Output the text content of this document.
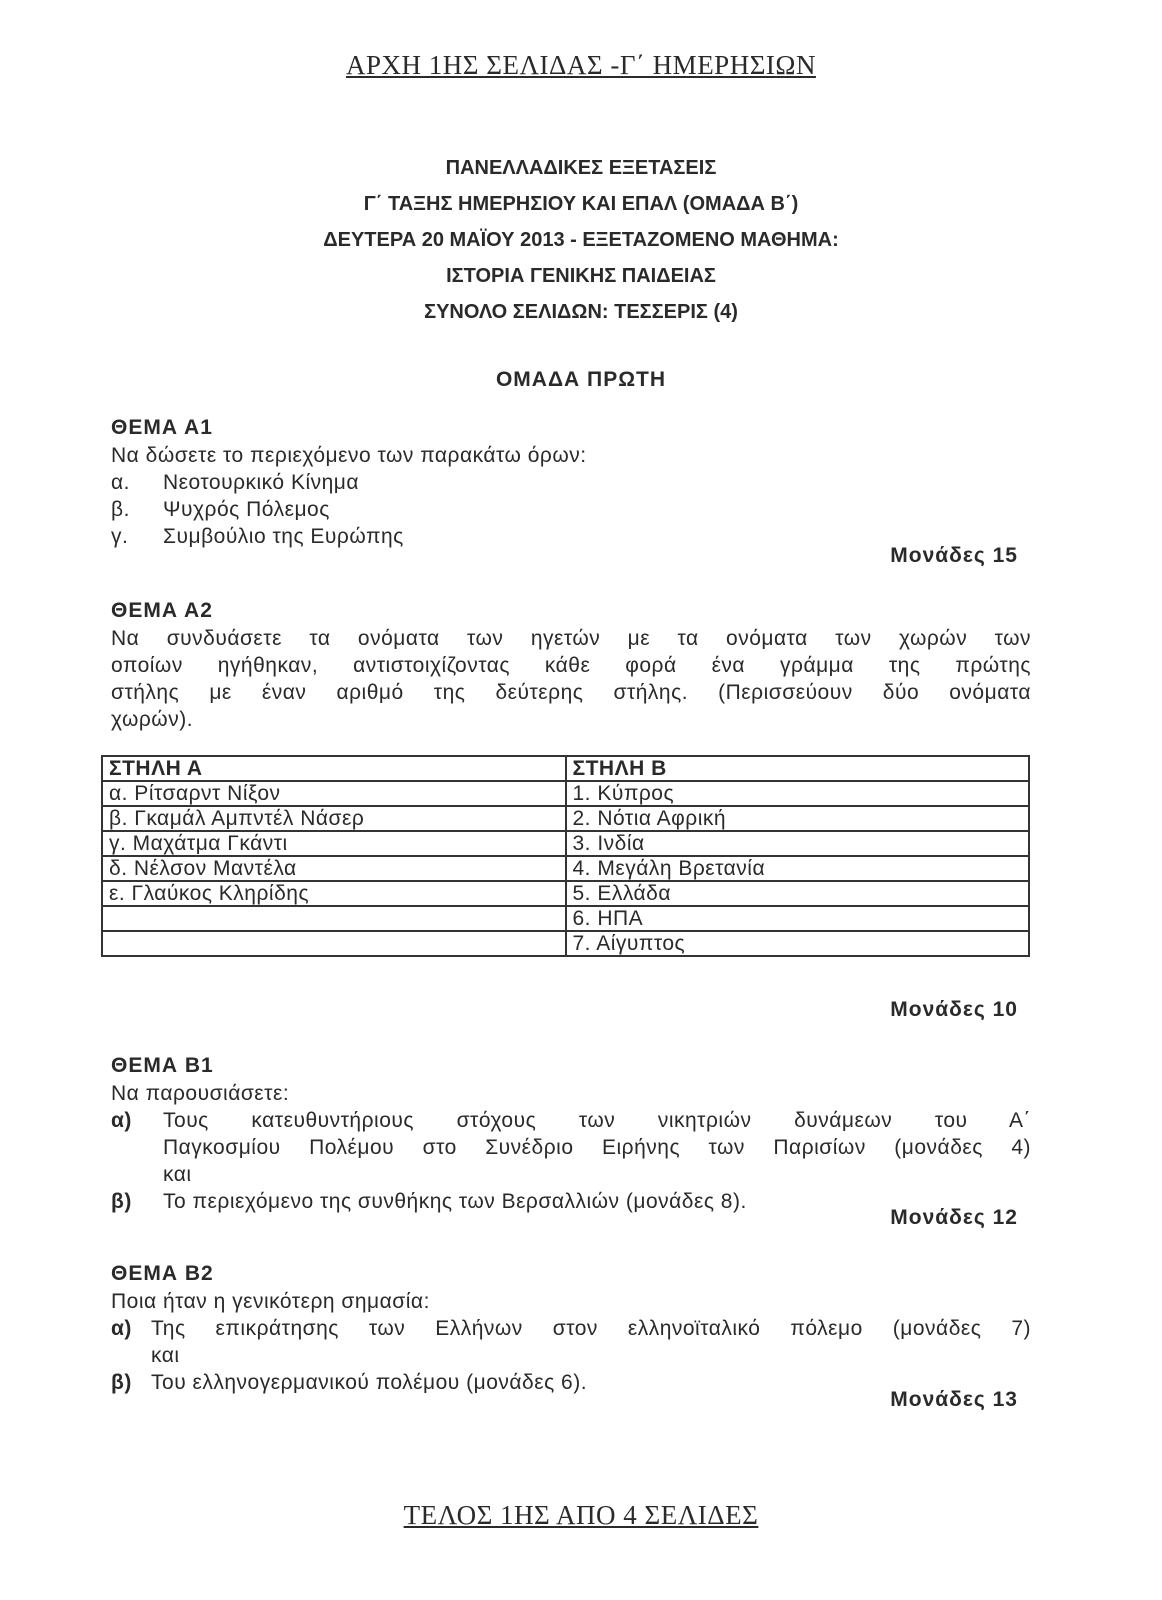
ΑΡΧΗ 1ΗΣ ΣΕΛΙΔΑΣ -Γ΄ ΗΜΕΡΗΣΙΩΝ
ΠΑΝΕΛΛΑΔΙΚΕΣ ΕΞΕΤΑΣΕΙΣ
Γ΄ ΤΑΞΗΣ ΗΜΕΡΗΣΙΟΥ ΚΑΙ ΕΠΑΛ (ΟΜΑΔΑ Β΄)
ΔΕΥΤΕΡΑ 20 ΜΑΪΟΥ 2013 - ΕΞΕΤΑΖΟΜΕΝΟ ΜΑΘΗΜΑ:
ΙΣΤΟΡΙΑ ΓΕΝΙΚΗΣ ΠΑΙΔΕΙΑΣ
ΣΥΝΟΛΟ ΣΕΛΙΔΩΝ: ΤΕΣΣΕΡΙΣ (4)
ΟΜΑΔΑ ΠΡΩΤΗ
ΘΕΜΑ Α1
Να δώσετε το περιεχόμενο των παρακάτω όρων:
α.	Νεοτουρκικό Κίνημα
β.	Ψυχρός Πόλεμος
γ.	Συμβούλιο της Ευρώπης
Μονάδες 15
ΘΕΜΑ Α2
Να συνδυάσετε τα ονόματα των ηγετών με τα ονόματα των χωρών των
οποίων ηγήθηκαν, αντιστοιχίζοντας κάθε φορά ένα γράμμα της πρώτης
στήλης με έναν αριθμό της δεύτερης στήλης. (Περισσεύουν δύο ονόματα
χωρών).
ΣΤΗΛΗ Α	ΣΤΗΛΗ Β
α. Ρίτσαρντ Νίξον	1. Κύπρος
β. Γκαμάλ Αμπντέλ Νάσερ	2. Νότια Αφρική
γ. Μαχάτμα Γκάντι	3. Ινδία
δ. Νέλσον Μαντέλα	4. Μεγάλη Βρετανία
ε. Γλαύκος Κληρίδης	5. Ελλάδα
	6. ΗΠΑ
	7. Αίγυπτος
Μονάδες 10
ΘΕΜΑ Β1
Να παρουσιάσετε:
α)	Τους κατευθυντήριους στόχους των νικητριών δυνάμεων του Α΄
Παγκοσμίου Πολέμου στο Συνέδριο Ειρήνης των Παρισίων (μονάδες 4)
και
β)	Το περιεχόμενο της συνθήκης των Βερσαλλιών (μονάδες 8).
Μονάδες 12
ΘΕΜΑ Β2
Ποια ήταν η γενικότερη σημασία:
α) Της επικράτησης των Ελλήνων στον ελληνοϊταλικό πόλεμο (μονάδες 7)
και
β) Του ελληνογερμανικού πολέμου (μονάδες 6).
Μονάδες 13
ΤΕΛΟΣ 1ΗΣ ΑΠΟ 4 ΣΕΛΙΔΕΣ
